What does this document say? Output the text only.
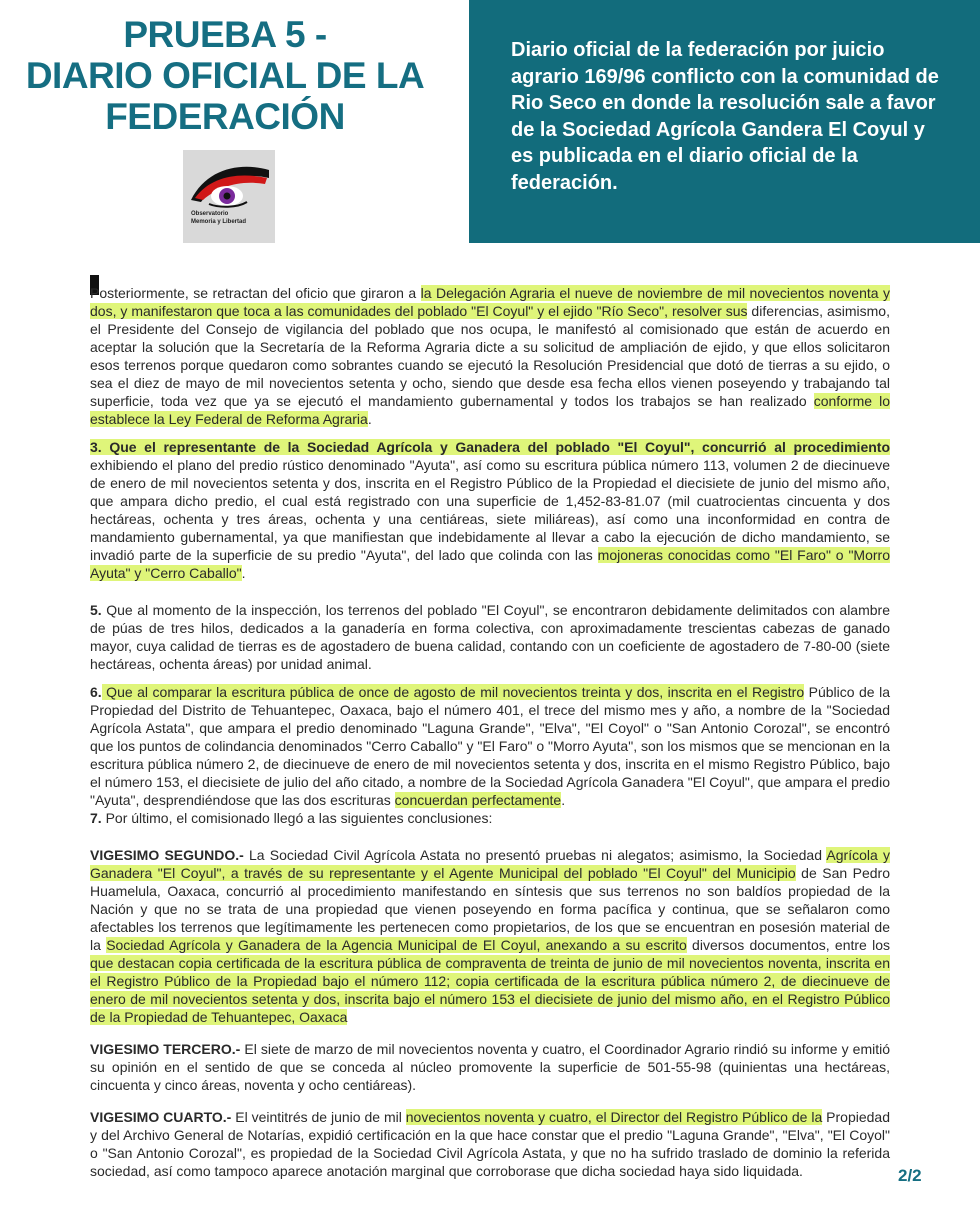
PRUEBA 5 -
DIARIO OFICIAL DE LA
FEDERACIÓN
Observatorio
Memoria y Libertad
Diario oficial de la federación por juicio agrario 169/96 conflicto con la comunidad de Rio Seco en donde la resolución sale a favor de la Sociedad Agrícola Gandera El Coyul y es publicada en el diario oficial de la federación.

Posteriormente, se retractan del oficio que giraron a la Delegación Agraria el nueve de noviembre de mil novecientos noventa y dos, y manifestaron que toca a las comunidades del poblado "El Coyul" y el ejido "Río Seco", resolver sus diferencias, asimismo, el Presidente del Consejo de vigilancia del poblado que nos ocupa, le manifestó al comisionado que están de acuerdo en aceptar la solución que la Secretaría de la Reforma Agraria dicte a su solicitud de ampliación de ejido, y que ellos solicitaron esos terrenos porque quedaron como sobrantes cuando se ejecutó la Resolución Presidencial que dotó de tierras a su ejido, o sea el diez de mayo de mil novecientos setenta y ocho, siendo que desde esa fecha ellos vienen poseyendo y trabajando tal superficie, toda vez que ya se ejecutó el mandamiento gubernamental y todos los trabajos se han realizado conforme lo establece la Ley Federal de Reforma Agraria.

3. Que el representante de la Sociedad Agrícola y Ganadera del poblado "El Coyul", concurrió al procedimiento exhibiendo el plano del predio rústico denominado "Ayuta", así como su escritura pública número 113, volumen 2 de diecinueve de enero de mil novecientos setenta y dos, inscrita en el Registro Público de la Propiedad el diecisiete de junio del mismo año, que ampara dicho predio, el cual está registrado con una superficie de 1,452-83-81.07 (mil cuatrocientas cincuenta y dos hectáreas, ochenta y tres áreas, ochenta y una centiáreas, siete miliáreas), así como una inconformidad en contra de mandamiento gubernamental, ya que manifiestan que indebidamente al llevar a cabo la ejecución de dicho mandamiento, se invadió parte de la superficie de su predio "Ayuta", del lado que colinda con las mojoneras conocidas como "El Faro" o "Morro Ayuta" y "Cerro Caballo".

5. Que al momento de la inspección, los terrenos del poblado "El Coyul", se encontraron debidamente delimitados con alambre de púas de tres hilos, dedicados a la ganadería en forma colectiva, con aproximadamente trescientas cabezas de ganado mayor, cuya calidad de tierras es de agostadero de buena calidad, contando con un coeficiente de agostadero de 7-80-00 (siete hectáreas, ochenta áreas) por unidad animal.

6. Que al comparar la escritura pública de once de agosto de mil novecientos treinta y dos, inscrita en el Registro Público de la Propiedad del Distrito de Tehuantepec, Oaxaca, bajo el número 401, el trece del mismo mes y año, a nombre de la "Sociedad Agrícola Astata", que ampara el predio denominado "Laguna Grande", "Elva", "El Coyol" o "San Antonio Corozal", se encontró que los puntos de colindancia denominados "Cerro Caballo" y "El Faro" o "Morro Ayuta", son los mismos que se mencionan en la escritura pública número 2, de diecinueve de enero de mil novecientos setenta y dos, inscrita en el mismo Registro Público, bajo el número 153, el diecisiete de julio del año citado, a nombre de la Sociedad Agrícola Ganadera "El Coyul", que ampara el predio "Ayuta", desprendiéndose que las dos escrituras concuerdan perfectamente.

7. Por último, el comisionado llegó a las siguientes conclusiones:

VIGESIMO SEGUNDO.- La Sociedad Civil Agrícola Astata no presentó pruebas ni alegatos; asimismo, la Sociedad Agrícola y Ganadera "El Coyul", a través de su representante y el Agente Municipal del poblado "El Coyul" del Municipio de San Pedro Huamelula, Oaxaca, concurrió al procedimiento manifestando en síntesis que sus terrenos no son baldíos propiedad de la Nación y que no se trata de una propiedad que vienen poseyendo en forma pacífica y continua, que se señalaron como afectables los terrenos que legítimamente les pertenecen como propietarios, de los que se encuentran en posesión material de la Sociedad Agrícola y Ganadera de la Agencia Municipal de El Coyul, anexando a su escrito diversos documentos, entre los que destacan copia certificada de la escritura pública de compraventa de treinta de junio de mil novecientos noventa, inscrita en el Registro Público de la Propiedad bajo el número 112; copia certificada de la escritura pública número 2, de diecinueve de enero de mil novecientos setenta y dos, inscrita bajo el número 153 el diecisiete de junio del mismo año, en el Registro Público de la Propiedad de Tehuantepec, Oaxaca

VIGESIMO TERCERO.- El siete de marzo de mil novecientos noventa y cuatro, el Coordinador Agrario rindió su informe y emitió su opinión en el sentido de que se conceda al núcleo promovente la superficie de 501-55-98 (quinientas una hectáreas, cincuenta y cinco áreas, noventa y ocho centiáreas).

VIGESIMO CUARTO.- El veintitrés de junio de mil novecientos noventa y cuatro, el Director del Registro Público de la Propiedad y del Archivo General de Notarías, expidió certificación en la que hace constar que el predio "Laguna Grande", "Elva", "El Coyol" o "San Antonio Corozal", es propiedad de la Sociedad Civil Agrícola Astata, y que no ha sufrido traslado de dominio la referida sociedad, así como tampoco aparece anotación marginal que corroborase que dicha sociedad haya sido liquidada.	2/2
